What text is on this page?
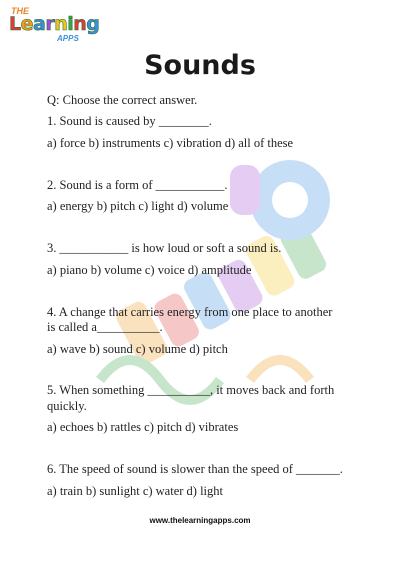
THE
Learning
APPS
Sounds
Q: Choose the correct answer.
1. Sound is caused by ________.
a) force b) instruments c) vibration d) all of these
2. Sound is a form of ___________.
a) energy b) pitch c) light d) volume
3. ___________ is how loud or soft a sound is.
a) piano b) volume c) voice d) amplitude
4. A change that carries energy from one place to another
is called a__________.
a) wave b) sound c) volume d) pitch
5. When something __________, it moves back and forth
quickly.
a) echoes b) rattles c) pitch d) vibrates
6. The speed of sound is slower than the speed of _______.
a) train b) sunlight c) water d) light
www.thelearningapps.com
